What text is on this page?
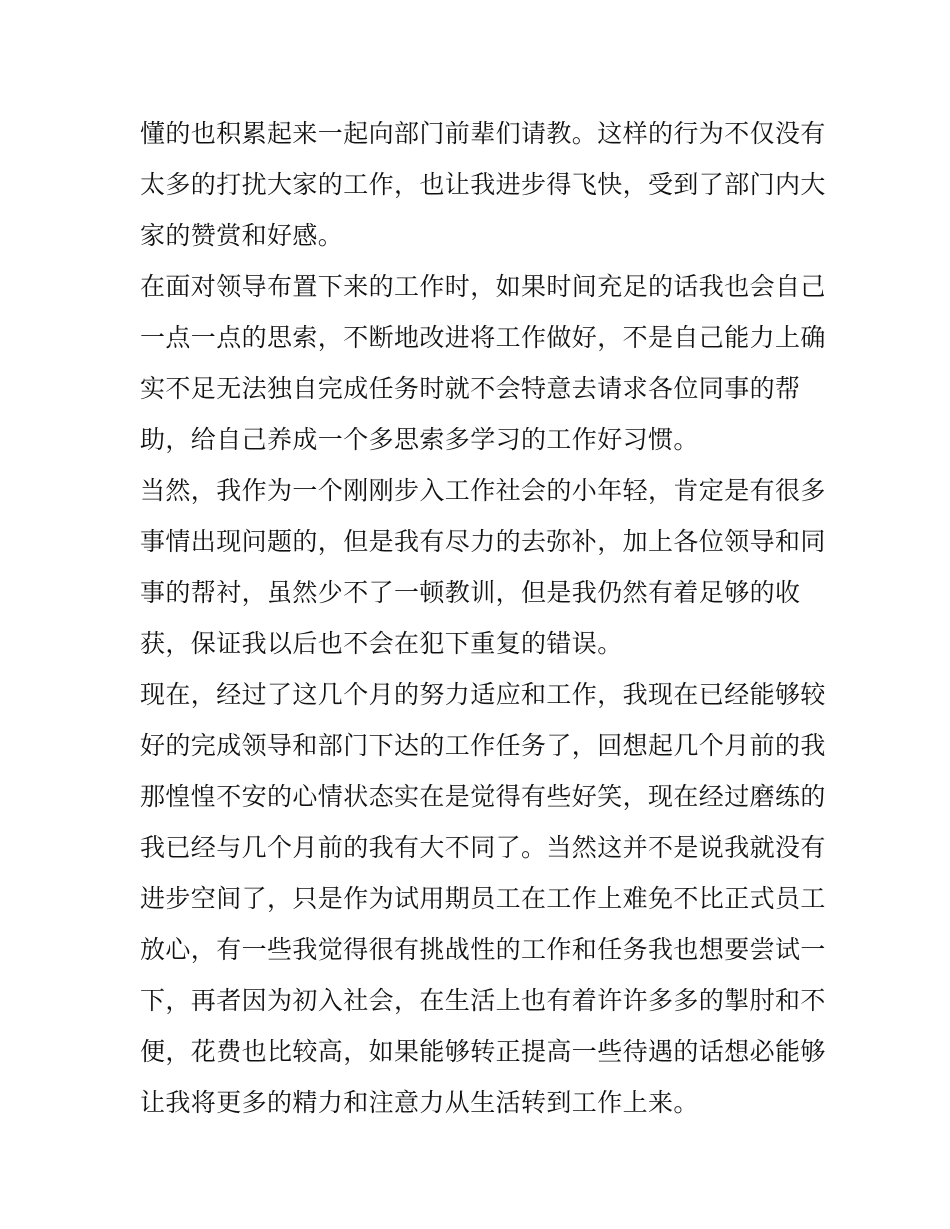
懂的也积累起来一起向部门前辈们请教。这样的行为不仅没有
太多的打扰大家的工作，也让我进步得飞快，受到了部门内大
家的赞赏和好感。
在面对领导布置下来的工作时，如果时间充足的话我也会自己
一点一点的思索，不断地改进将工作做好，不是自己能力上确
实不足无法独自完成任务时就不会特意去请求各位同事的帮
助，给自己养成一个多思索多学习的工作好习惯。
当然，我作为一个刚刚步入工作社会的小年轻，肯定是有很多
事情出现问题的，但是我有尽力的去弥补，加上各位领导和同
事的帮衬，虽然少不了一顿教训，但是我仍然有着足够的收
获，保证我以后也不会在犯下重复的错误。
现在，经过了这几个月的努力适应和工作，我现在已经能够较
好的完成领导和部门下达的工作任务了，回想起几个月前的我
那惶惶不安的心情状态实在是觉得有些好笑，现在经过磨练的
我已经与几个月前的我有大不同了。当然这并不是说我就没有
进步空间了，只是作为试用期员工在工作上难免不比正式员工
放心，有一些我觉得很有挑战性的工作和任务我也想要尝试一
下，再者因为初入社会，在生活上也有着许许多多的掣肘和不
便，花费也比较高，如果能够转正提高一些待遇的话想必能够
让我将更多的精力和注意力从生活转到工作上来。
